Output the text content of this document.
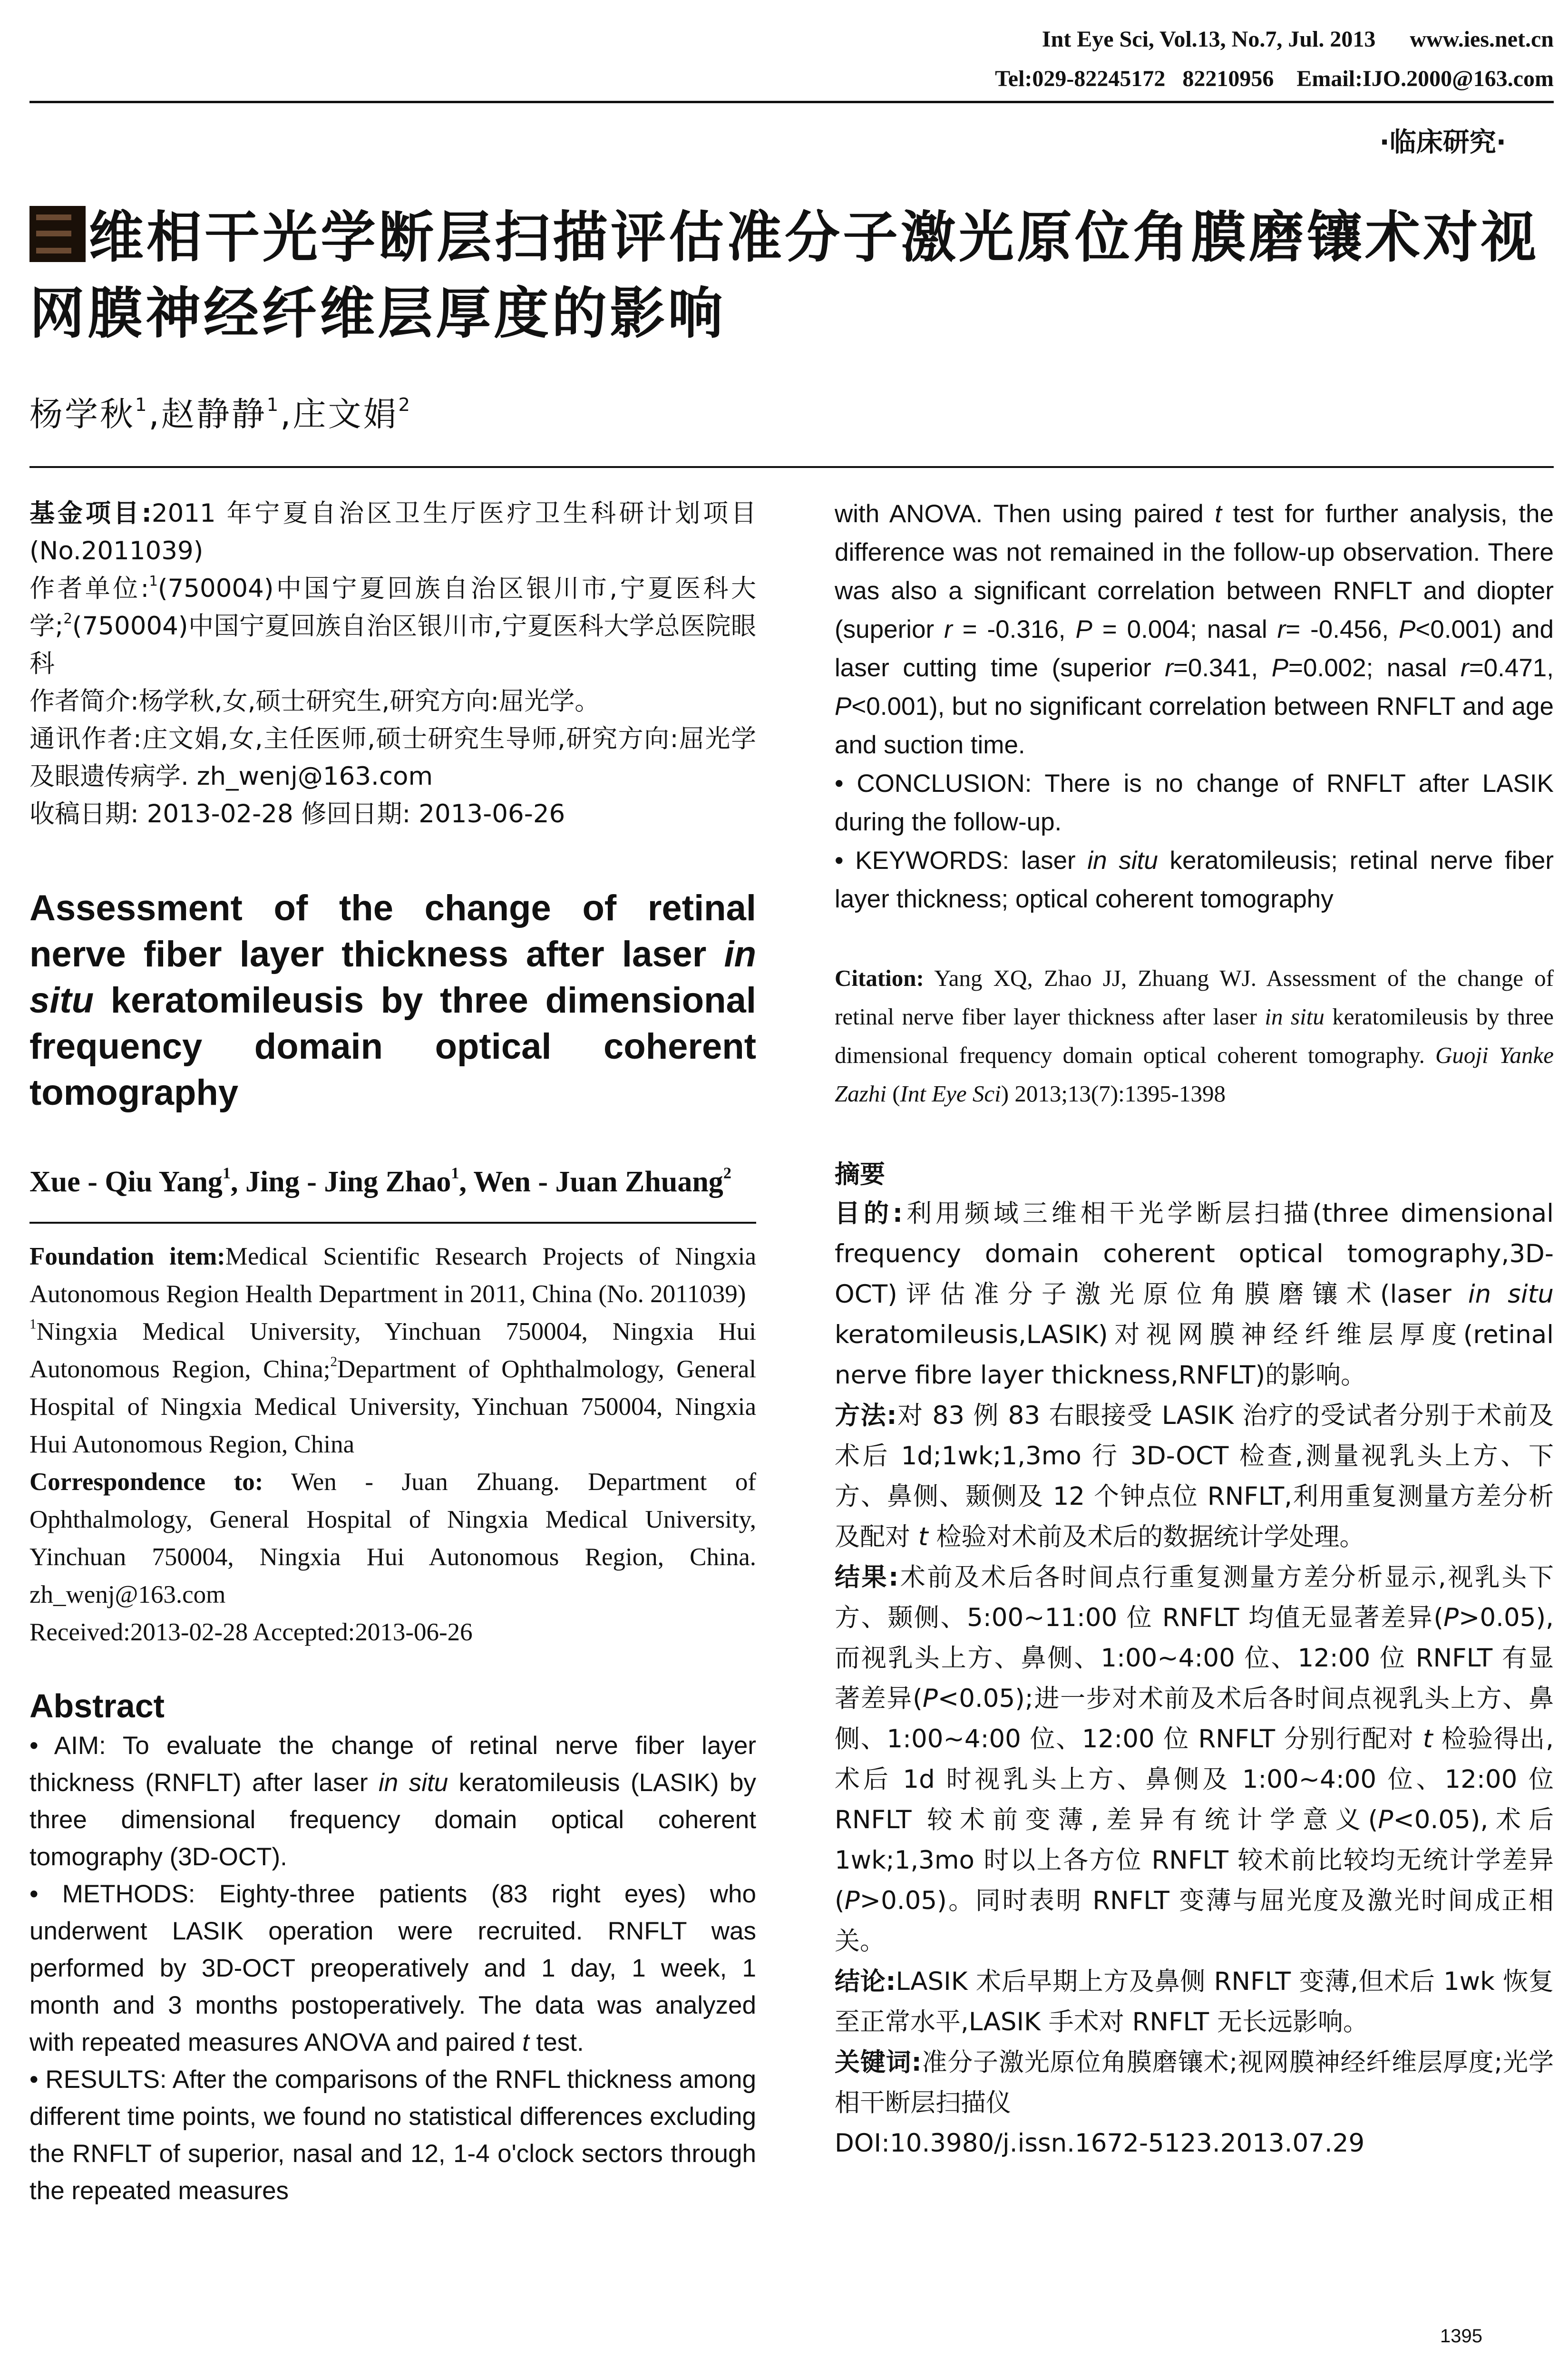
Int Eye Sci, Vol.13, No.7, Jul. 2013      www.ies.net.cn
Tel:029-82245172   82210956    Email:IJO.2000@163.com
·临床研究·
维相干光学断层扫描评估准分子激光原位角膜磨镶术对视网膜神经纤维层厚度的影响
杨学秋$^1$,赵静静$^1$,庄文娟$^2$

基金项目:2011 年宁夏自治区卫生厅医疗卫生科研计划项目(No.2011039)

作者单位:$^1$(750004)中国宁夏回族自治区银川市,宁夏医科大学;$^2$(750004)中国宁夏回族自治区银川市,宁夏医科大学总医院眼科

作者简介:杨学秋,女,硕士研究生,研究方向:屈光学。

通讯作者:庄文娟,女,主任医师,硕士研究生导师,研究方向:屈光学及眼遗传病学. zh_wenj@163.com

收稿日期: 2013-02-28 修回日期: 2013-06-26

Assessment of the change of retinal nerve fiber layer thickness after laser in situ keratomileusis by three dimensional frequency domain optical coherent tomography
Xue - Qiu Yang$^1$, Jing - Jing Zhao$^1$, Wen - Juan Zhuang$^2$

Foundation item:Medical Scientific Research Projects of Ningxia Autonomous Region Health Department in 2011, China (No. 2011039)

$^1$Ningxia Medical University, Yinchuan 750004, Ningxia Hui Autonomous Region, China;$^2$Department of Ophthalmology, General Hospital of Ningxia Medical University, Yinchuan 750004, Ningxia Hui Autonomous Region, China

Correspondence to: Wen - Juan Zhuang. Department of Ophthalmology, General Hospital of Ningxia Medical University, Yinchuan 750004, Ningxia Hui Autonomous Region, China. zh_wenj@163.com

Received:2013-02-28 Accepted:2013-06-26

Abstract

• AIM: To evaluate the change of retinal nerve fiber layer thickness (RNFLT) after laser in situ keratomileusis (LASIK) by three dimensional frequency domain optical coherent tomography (3D-OCT).

• METHODS: Eighty-three patients (83 right eyes) who underwent LASIK operation were recruited. RNFLT was performed by 3D-OCT preoperatively and 1 day, 1 week, 1 month and 3 months postoperatively. The data was analyzed with repeated measures ANOVA and paired t test.

• RESULTS: After the comparisons of the RNFL thickness among different time points, we found no statistical differences excluding the RNFLT of superior, nasal and 12, 1-4 o'clock sectors through the repeated measures

with ANOVA. Then using paired t test for further analysis, the difference was not remained in the follow-up observation. There was also a significant correlation between RNFLT and diopter (superior r = -0.316, P = 0.004; nasal r= -0.456, P<0.001) and laser cutting time (superior r=0.341, P=0.002; nasal r=0.471, P<0.001), but no significant correlation between RNFLT and age and suction time.

• CONCLUSION: There is no change of RNFLT after LASIK during the follow-up.

• KEYWORDS: laser in situ keratomileusis; retinal nerve fiber layer thickness; optical coherent tomography

Citation: Yang XQ, Zhao JJ, Zhuang WJ. Assessment of the change of retinal nerve fiber layer thickness after laser in situ keratomileusis by three dimensional frequency domain optical coherent tomography. Guoji Yanke Zazhi (Int Eye Sci) 2013;13(7):1395-1398

摘要

目的:利用频域三维相干光学断层扫描(three dimensional frequency domain coherent optical tomography,3D-OCT)评估准分子激光原位角膜磨镶术(laser in situ keratomileusis,LASIK)对视网膜神经纤维层厚度(retinal nerve fibre layer thickness,RNFLT)的影响。

方法:对 83 例 83 右眼接受 LASIK 治疗的受试者分别于术前及术后 1d;1wk;1,3mo 行 3D-OCT 检查,测量视乳头上方、下方、鼻侧、颞侧及 12 个钟点位 RNFLT,利用重复测量方差分析及配对 t 检验对术前及术后的数据统计学处理。

结果:术前及术后各时间点行重复测量方差分析显示,视乳头下方、颞侧、5:00~11:00 位 RNFLT 均值无显著差异(P>0.05),而视乳头上方、鼻侧、1:00~4:00 位、12:00 位 RNFLT 有显著差异(P<0.05);进一步对术前及术后各时间点视乳头上方、鼻侧、1:00~4:00 位、12:00 位 RNFLT 分别行配对 t 检验得出,术后 1d 时视乳头上方、鼻侧及 1:00~4:00 位、12:00 位 RNFLT 较术前变薄,差异有统计学意义(P<0.05),术后 1wk;1,3mo 时以上各方位 RNFLT 较术前比较均无统计学差异(P>0.05)。同时表明 RNFLT 变薄与屈光度及激光时间成正相关。

结论:LASIK 术后早期上方及鼻侧 RNFLT 变薄,但术后 1wk 恢复至正常水平,LASIK 手术对 RNFLT 无长远影响。

关键词:准分子激光原位角膜磨镶术;视网膜神经纤维层厚度;光学相干断层扫描仪

DOI:10.3980/j.issn.1672-5123.2013.07.29

1395
